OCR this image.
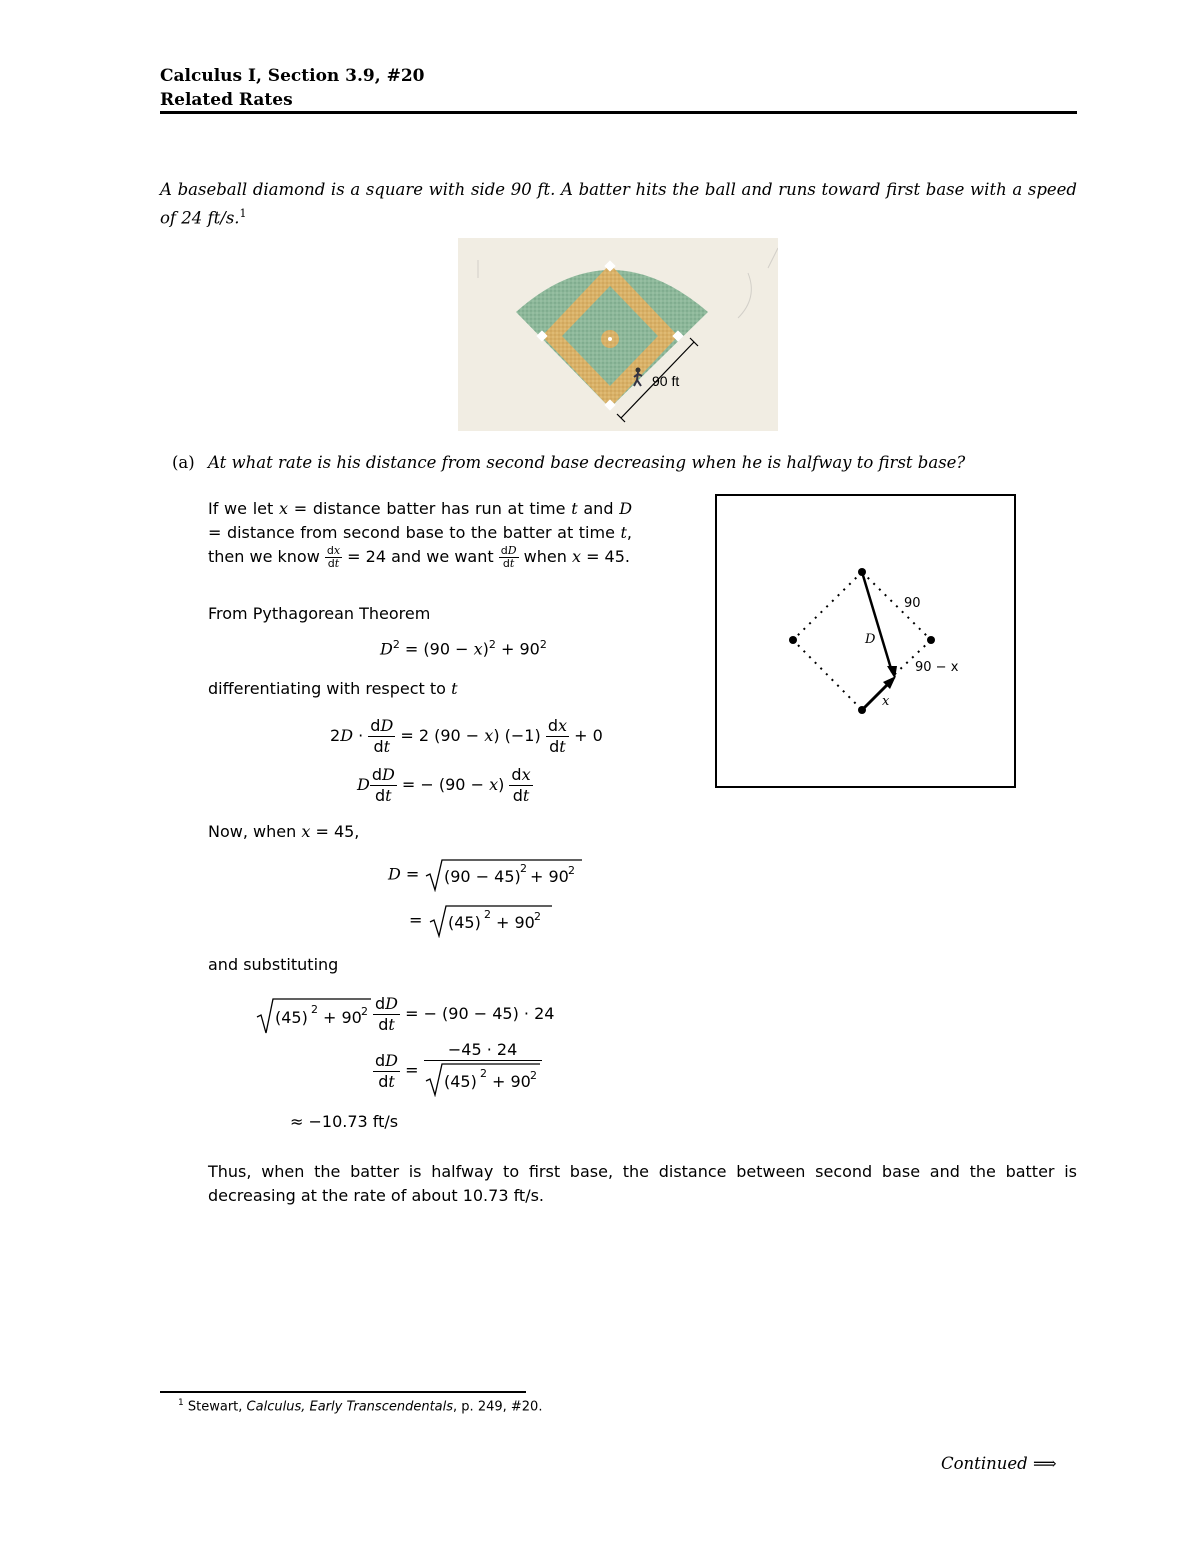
Calculus I, Section 3.9, #20
Related Rates
A baseball diamond is a square with side 90 ft. A batter hits the ball and runs toward first base with a speed of 24 ft/s.$^1$
90 ft
(a) At what rate is his distance from second base decreasing when he is halfway to first base?
If we let x = distance batter has run at time t and D = distance from second base to the batter at time t, then we know $\frac{dx}{dt} = 24$ and we want $\frac{dD}{dt}$ when x = 45.
From Pythagorean Theorem
$D^2 = (90 - x)^2 + 90^2$
differentiating with respect to t
$2D \cdot \frac{dD}{dt} = 2$ (90 − x) $(-1) \frac{dx}{dt} + 0$
D $\frac{dD}{dt}$ = − $(90 - x) \frac{dx}{dt}$
Now, when x = 45,
D = (90 − 45) 2 + 90 2
= (45) 2 + 90 2
and substituting
(45) 2 + 90 $2 \frac{dD}{dt}$ = − (90 − 45) · 24
$\frac{dD}{dt} = \frac{-45 \cdot 24}{(45) 2 + 90 2}$
≈ −10.73 ft/s
Thus, when the batter is halfway to first base, the distance between second base and the batter is decreasing at the rate of about 10.73 ft/s.
90
D
90 − x
x
$^1$ Stewart, Calculus, Early Transcendentals, p. 249, #20.
Continued ⟹
